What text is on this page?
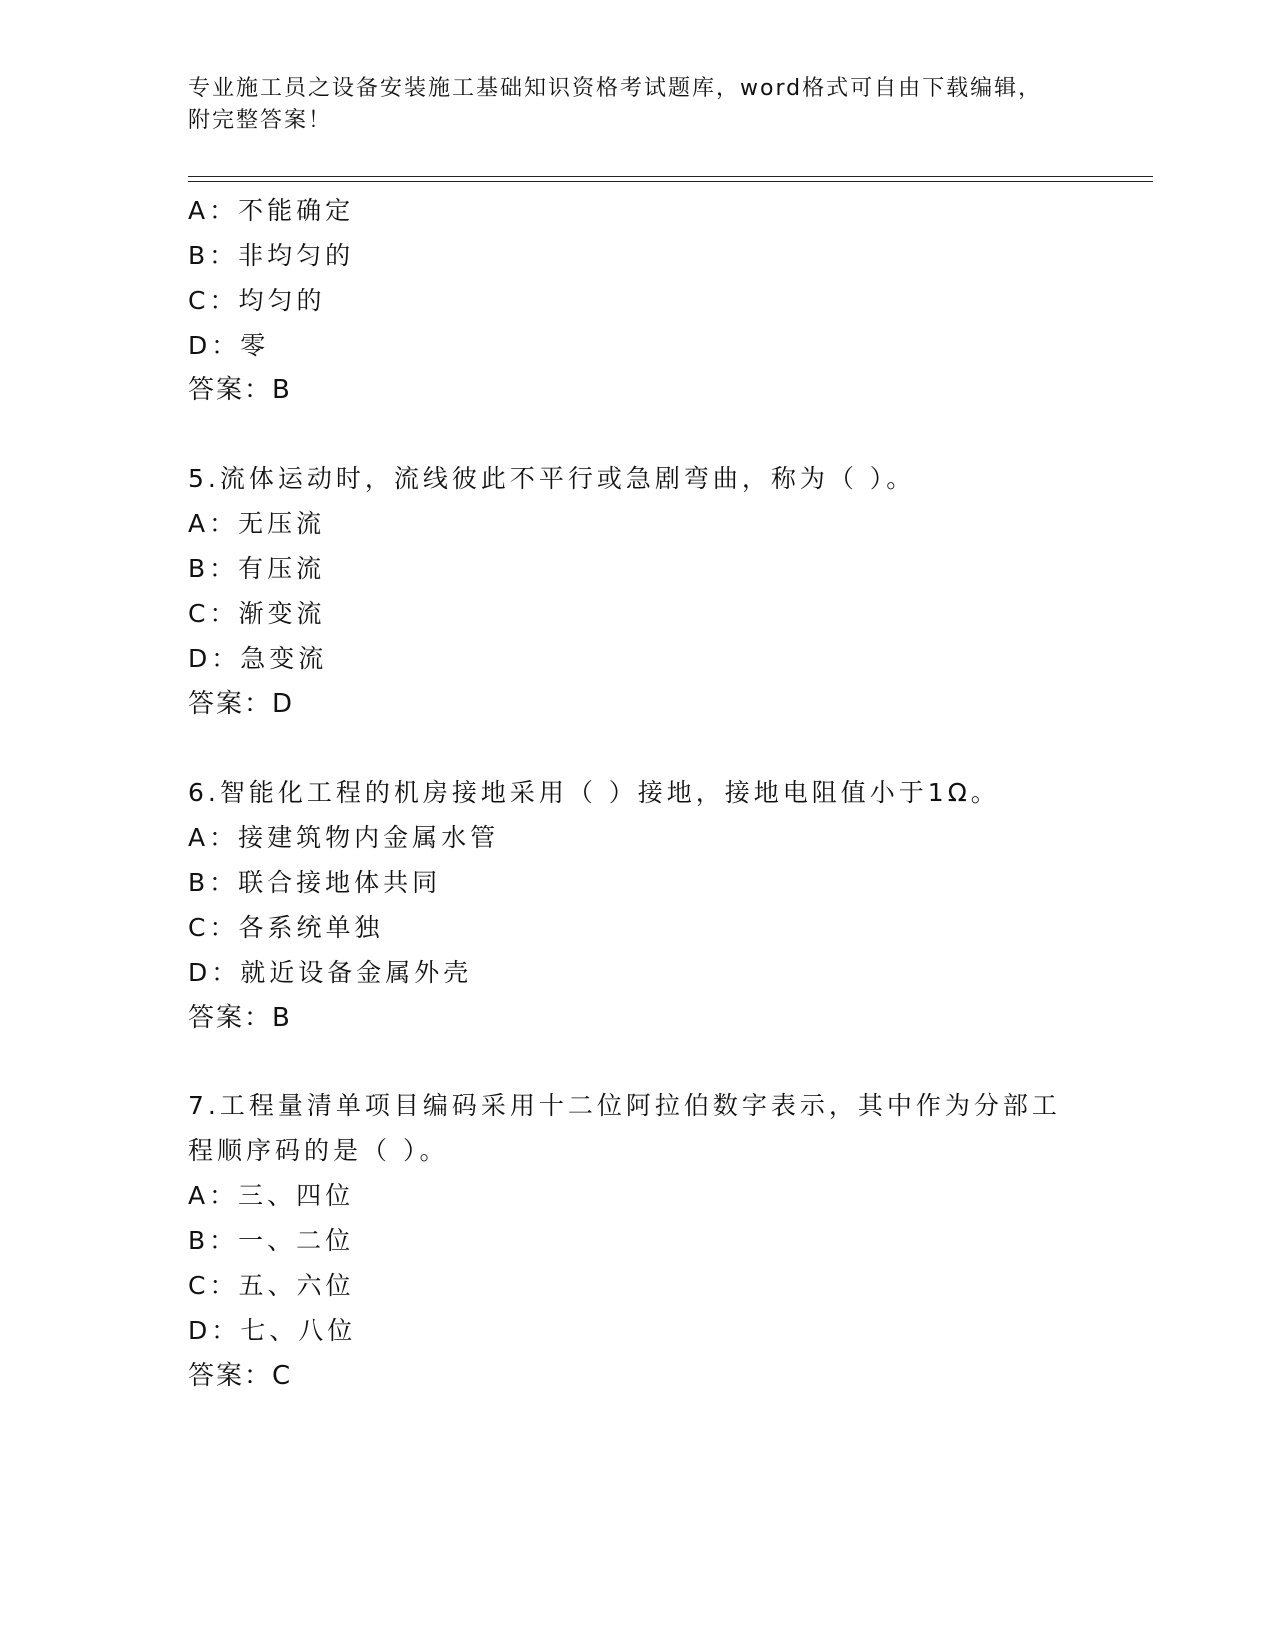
专业施工员之设备安装施工基础知识资格考试题库，word格式可自由下载编辑，
附完整答案！
A：不能确定
B：非均匀的
C：均匀的
D：零
答案：B
5.流体运动时，流线彼此不平行或急剧弯曲，称为（ ）。
A：无压流
B：有压流
C：渐变流
D：急变流
答案：D
6.智能化工程的机房接地采用（ ）接地，接地电阻值小于1Ω。
A：接建筑物内金属水管
B：联合接地体共同
C：各系统单独
D：就近设备金属外壳
答案：B
7.工程量清单项目编码采用十二位阿拉伯数字表示，其中作为分部工
程顺序码的是（ ）。
A：三、四位
B：一、二位
C：五、六位
D：七、八位
答案：C
